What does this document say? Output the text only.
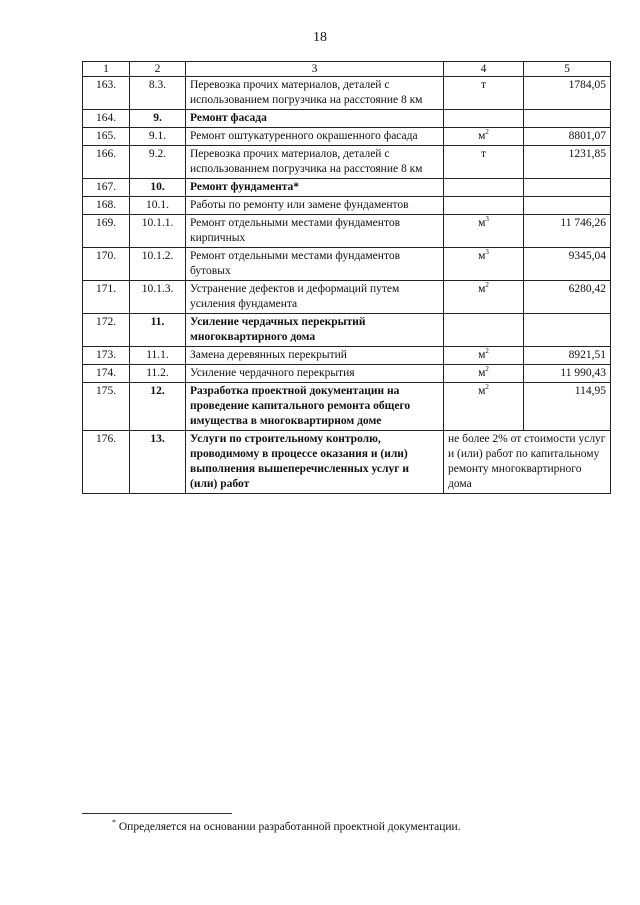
18
1	2	3	4	5
163.	8.3.	Перевозка прочих материалов, деталей с использованием погрузчика на расстояние 8 км	т	1784,05
164.	9.	Ремонт фасада		
165.	9.1.	Ремонт оштукатуренного окрашенного фасада	$м^2$	8801,07
166.	9.2.	Перевозка прочих материалов, деталей с использованием погрузчика на расстояние 8 км	т	1231,85
167.	10.	Ремонт фундамента*		
168.	10.1.	Работы по ремонту или замене фундаментов		
169.	10.1.1.	Ремонт отдельными местами фундаментов кирпичных	$м^3$	11 746,26
170.	10.1.2.	Ремонт отдельными местами фундаментов бутовых	$м^3$	9345,04
171.	10.1.3.	Устранение дефектов и деформаций путем усиления фундамента	$м^2$	6280,42
172.	11.	Усиление чердачных перекрытий многоквартирного дома		
173.	11.1.	Замена деревянных перекрытий	$м^2$	8921,51
174.	11.2.	Усиление чердачного перекрытия	$м^2$	11 990,43
175.	12.	Разработка проектной документации на проведение капитального ремонта общего имущества в многоквартирном доме	$м^2$	114,95
176.	13.	Услуги по строительному контролю, проводимому в процессе оказания и (или) выполнения вышеперечисленных услуг и (или) работ	не более 2% от стоимости услуг и (или) работ по капитальному ремонту многоквартирного дома	
* Определяется на основании разработанной проектной документации.
